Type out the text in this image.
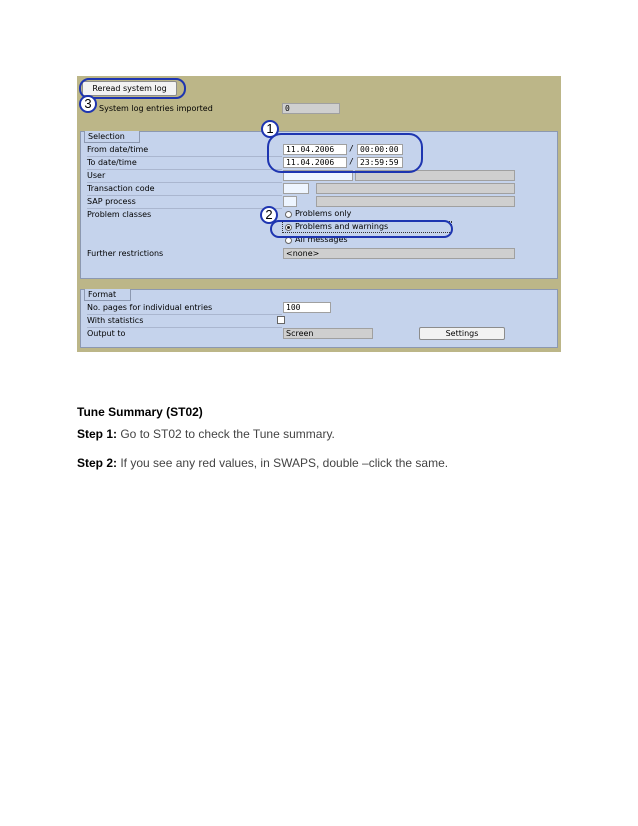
Reread system log
System log entries imported	0
Selection
From date/time	11.04.2006	/ 00:00:00
To date/time	11.04.2006	/ 23:59:59
User
Transaction code
SAP process
Problem classes	Problems only
Problems and warnings
All messages
Further restrictions	<none>
Format
No. pages for individual entries	100
With statistics
Output to	Screen	Settings
1
2
3
Tune Summary (ST02)
Step 1: Go to ST02 to check the Tune summary.
Step 2: If you see any red values, in SWAPS, double –click the same.
